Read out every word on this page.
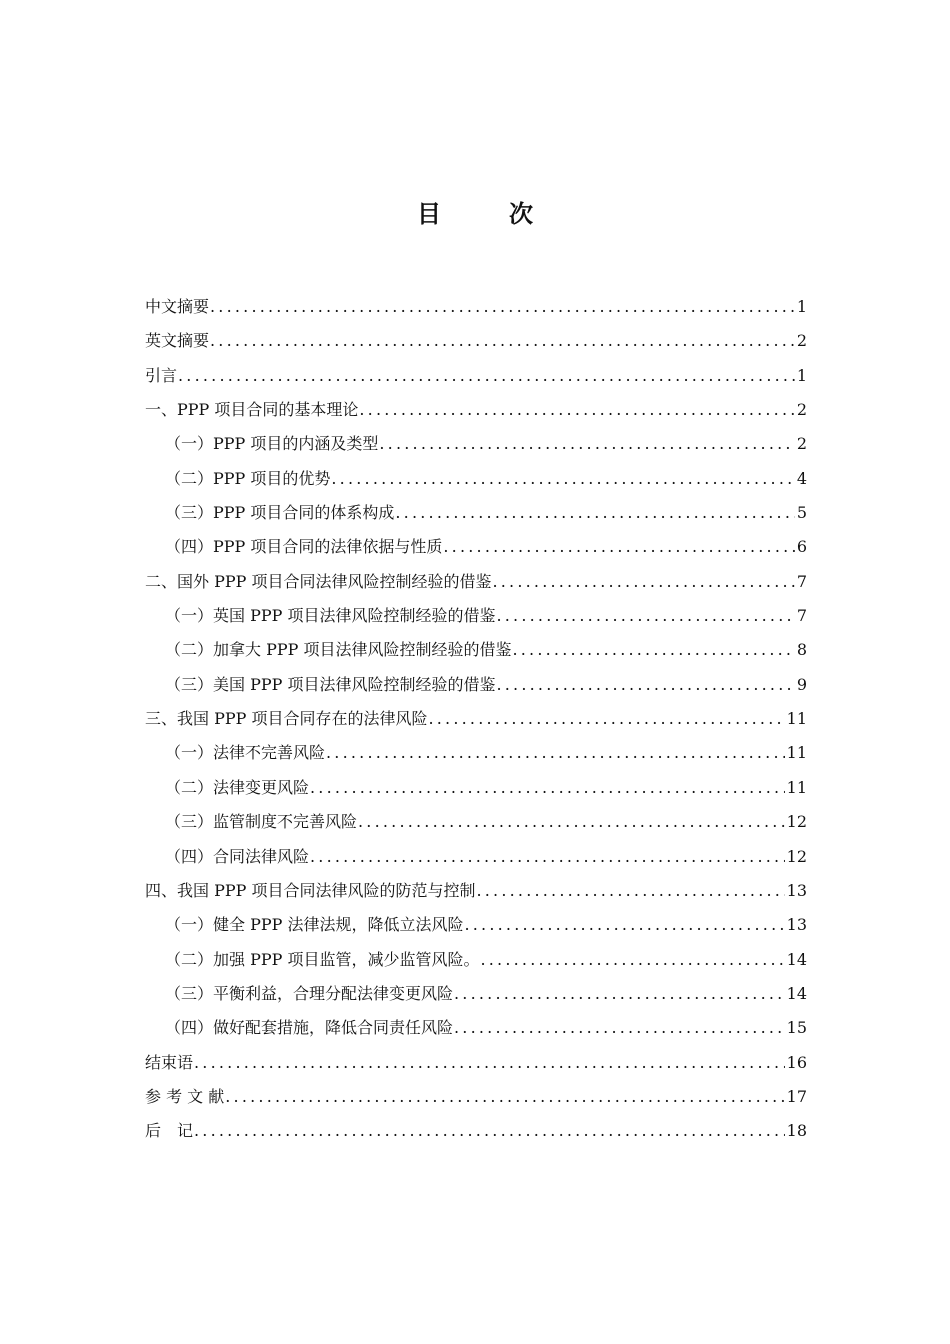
目　次
中文摘要 .....	1
英文摘要 .....	2
引言 .....	1
一、PPP 项目合同的基本理论 .....	2
（一）PPP 项目的内涵及类型 .....	2
（二）PPP 项目的优势 .....	4
（三）PPP 项目合同的体系构成 .....	5
（四）PPP 项目合同的法律依据与性质 .....	6
二、国外 PPP 项目合同法律风险控制经验的借鉴 .....	7
（一）英国 PPP 项目法律风险控制经验的借鉴 .....	7
（二）加拿大 PPP 项目法律风险控制经验的借鉴 .....	8
（三）美国 PPP 项目法律风险控制经验的借鉴 .....	9
三、我国 PPP 项目合同存在的法律风险 .....	11
（一）法律不完善风险 .....	11
（二）法律变更风险 .....	11
（三）监管制度不完善风险 .....	12
（四）合同法律风险 .....	12
四、我国 PPP 项目合同法律风险的防范与控制 .....	13
（一）健全 PPP 法律法规，降低立法风险 .....	13
（二）加强 PPP 项目监管，减少监管风险。 .....	14
（三）平衡利益，合理分配法律变更风险 .....	14
（四）做好配套措施，降低合同责任风险 .....	15
结束语 .....	16
参 考 文 献 .....	17
后　记 .....	18
